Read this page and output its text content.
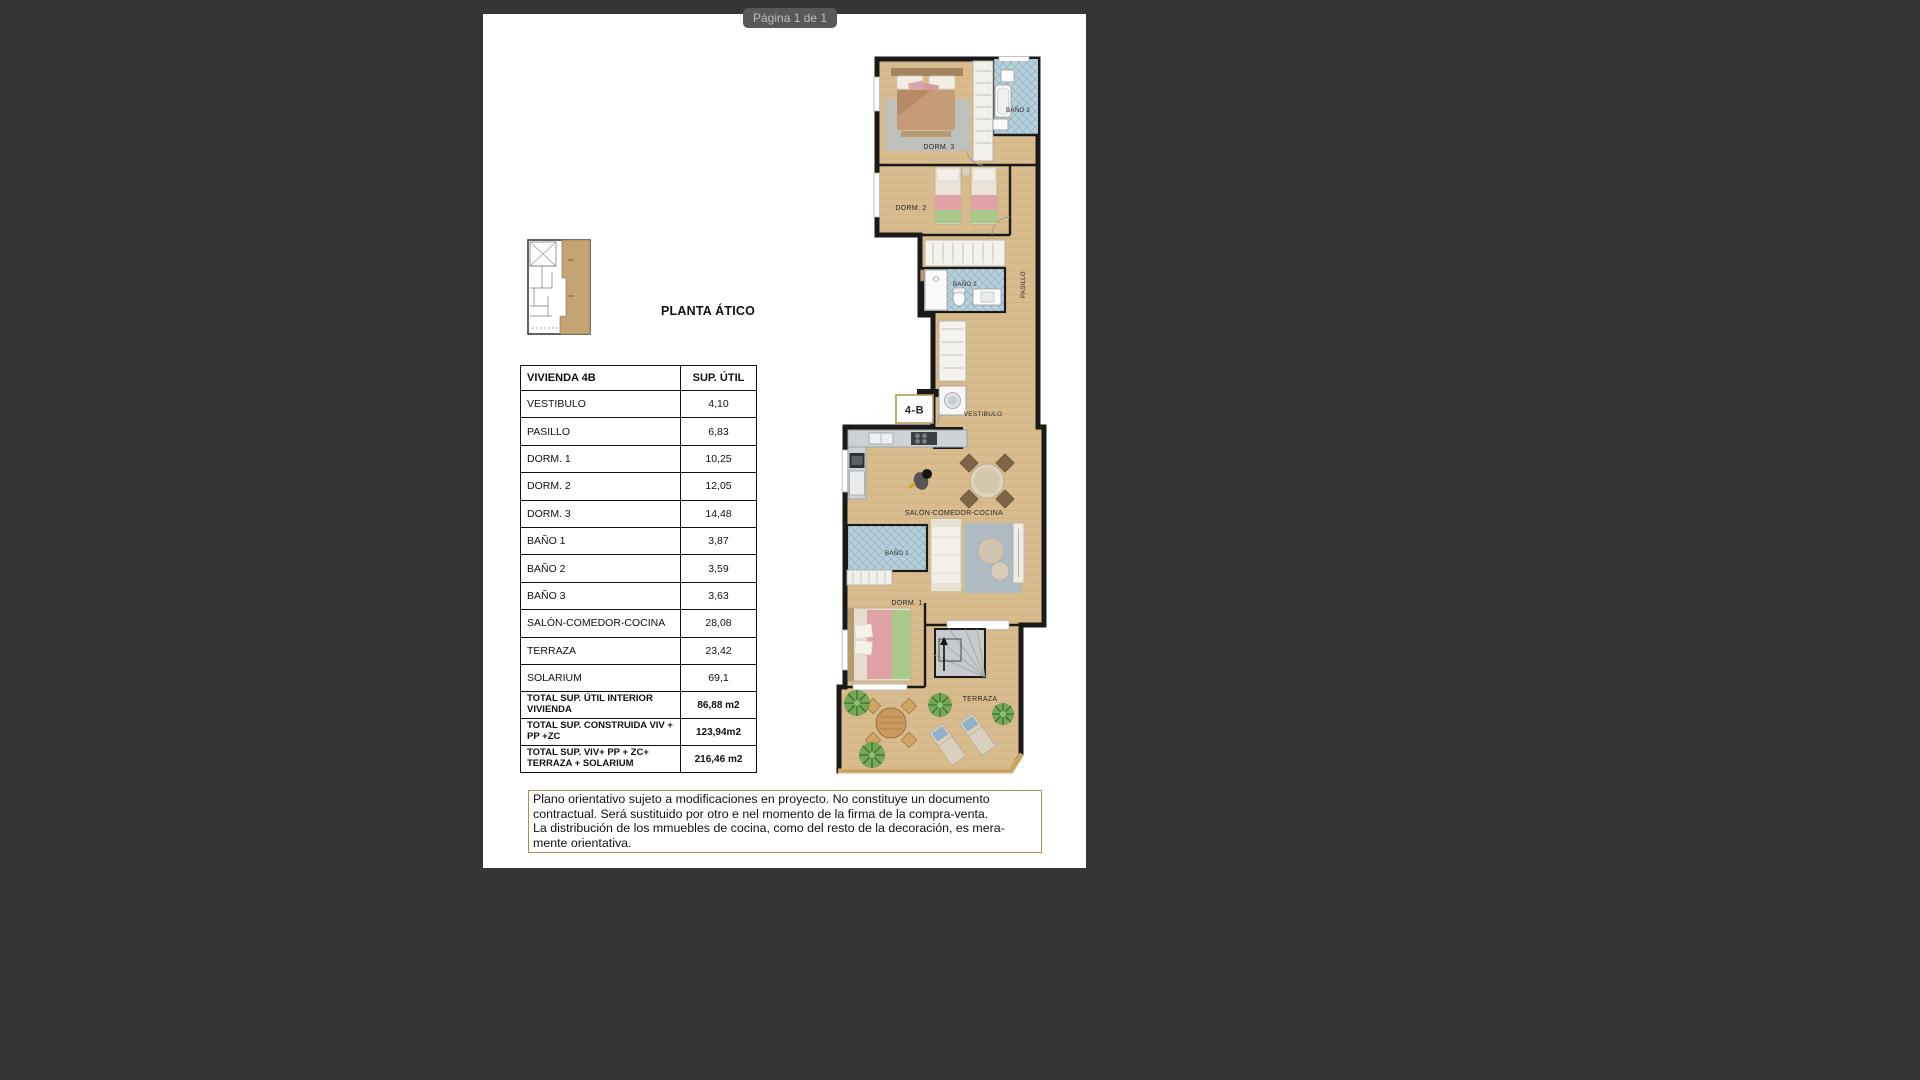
PLANTA ÁTICO
VIVIENDA 4B	SUP. ÚTIL
VESTIBULO	4,10
PASILLO	6,83
DORM. 1	10,25
DORM. 2	12,05
DORM. 3	14,48
BAÑO 1	3,87
BAÑO 2	3,59
BAÑO 3	3,63
SALÓN-COMEDOR-COCINA	28,08
TERRAZA	23,42
SOLARIUM	69,1
TOTAL SUP. ÚTIL INTERIOR VIVIENDA	86,88 m2
TOTAL SUP. CONSTRUIDA VIV + PP +ZC	123,94m2
TOTAL SUP. VIV+ PP + ZC+ TERRAZA + SOLARIUM	216,46 m2
4-B
DORM. 3
BAÑO 3
DORM. 2
BAÑO 2	PASILLO
VESTIBULO
SALÓN-COMEDOR-COCINA
BAÑO 1
DORM. 1
TERRAZA
Plano orientativo sujeto a modificaciones en proyecto. No constituye un documento
contractual. Será sustituido por otro e nel momento de la firma de la compra-venta.
La distribución de los mmuebles de cocina, como del resto de la decoración, es mera-
mente orientativa.
Página 1 de 1
